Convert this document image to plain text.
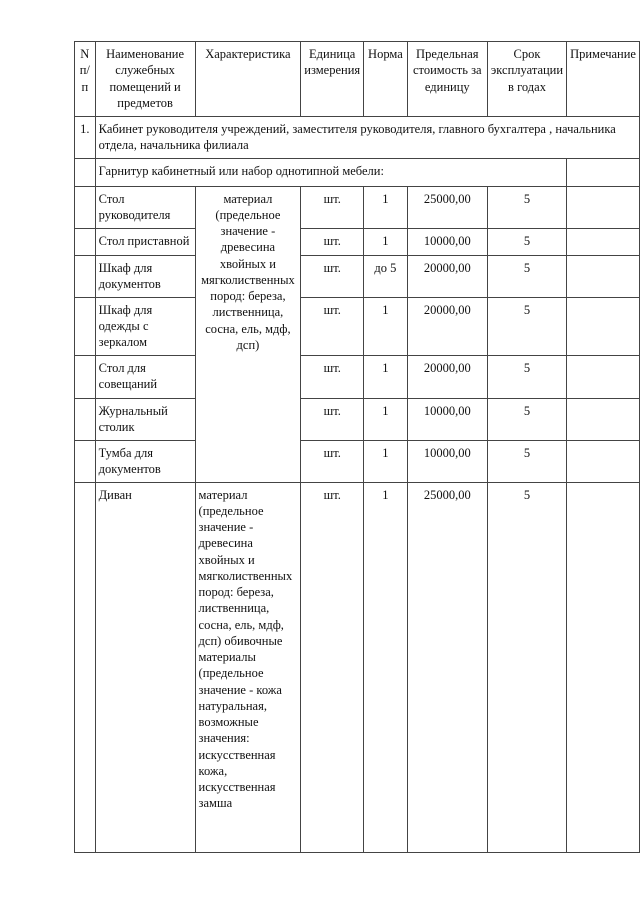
N п/п	Наименование служебных помещений и предметов	Характеристика	Единица измерения	Норма	Предельная стоимость за единицу	Срок эксплуатации в годах	Примечание
1.	Кабинет руководителя учреждений, заместителя руководителя, главного бухгалтера , начальника отдела, начальника филиала						
	Гарнитур кабинетный или набор однотипной мебели:						
	Стол руководителя	материал (предельное значение - древесина хвойных и мягколиственных пород: береза, лиственница, сосна, ель, мдф, дсп)	шт.	1	25000,00	5	
	Стол приставной		шт.	1	10000,00	5	
	Шкаф для документов		шт.	до 5	20000,00	5	
	Шкаф для одежды с зеркалом		шт.	1	20000,00	5	
	Стол для совещаний		шт.	1	20000,00	5	
	Журнальный столик		шт.	1	10000,00	5	
	Тумба для документов		шт.	1	10000,00	5	
	Диван	материал (предельное значение - древесина хвойных и мягколиственных пород: береза, лиственница, сосна, ель, мдф, дсп) обивочные материалы (предельное значение - кожа натуральная, возможные значения: искусственная кожа, искусственная замша	шт.	1	25000,00	5	
